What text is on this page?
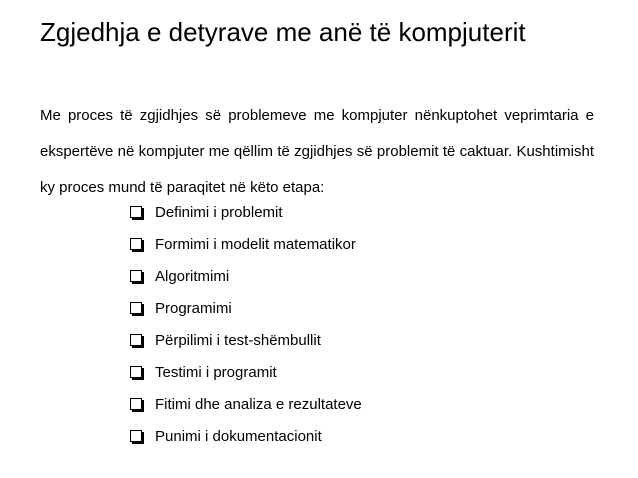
Zgjedhja e detyrave me anë të kompjuterit
Me proces të zgjidhjes së problemeve me kompjuter nënkuptohet veprimtaria e ekspertëve në kompjuter me qëllim të zgjidhjes së problemit të caktuar. Kushtimisht ky proces mund të paraqitet në këto etapa:
Definimi i problemit
Formimi i modelit matematikor
Algoritmimi
Programimi
Përpilimi i test-shëmbullit
Testimi i programit
Fitimi dhe analiza e rezultateve
Punimi i dokumentacionit
